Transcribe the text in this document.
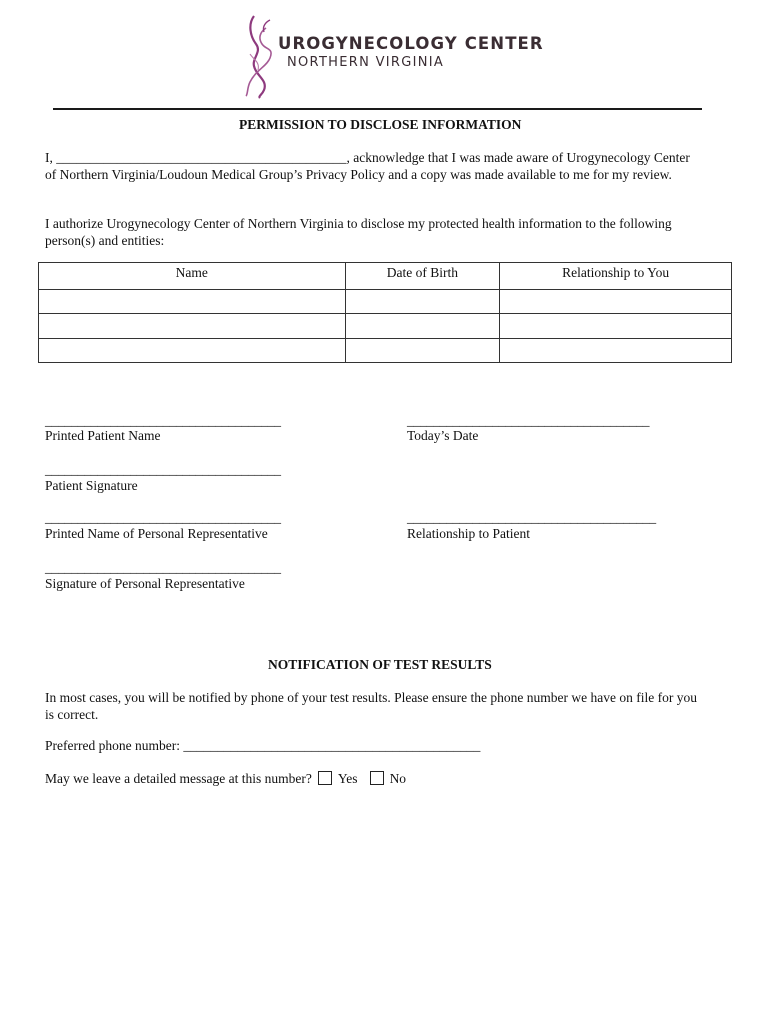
UROGYNECOLOGY CENTER
NORTHERN VIRGINIA
PERMISSION TO DISCLOSE INFORMATION
I, ___________________________________________, acknowledge that I was made aware of Urogynecology Center
of Northern Virginia/Loudoun Medical Group’s Privacy Policy and a copy was made available to me for my review.
I authorize Urogynecology Center of Northern Virginia to disclose my protected health information to the following
person(s) and entities:
Name	Date of Birth	Relationship to You

____________________________________
Printed Patient Name
_____________________________________
Today’s Date
____________________________________
Patient Signature
____________________________________
Printed Name of Personal Representative
______________________________________
Relationship to Patient
____________________________________
Signature of Personal Representative
NOTIFICATION OF TEST RESULTS
In most cases, you will be notified by phone of your test results. Please ensure the phone number we have on file for you
is correct.
Preferred phone number: ____________________________________________
May we leave a detailed message at this number? Yes No
